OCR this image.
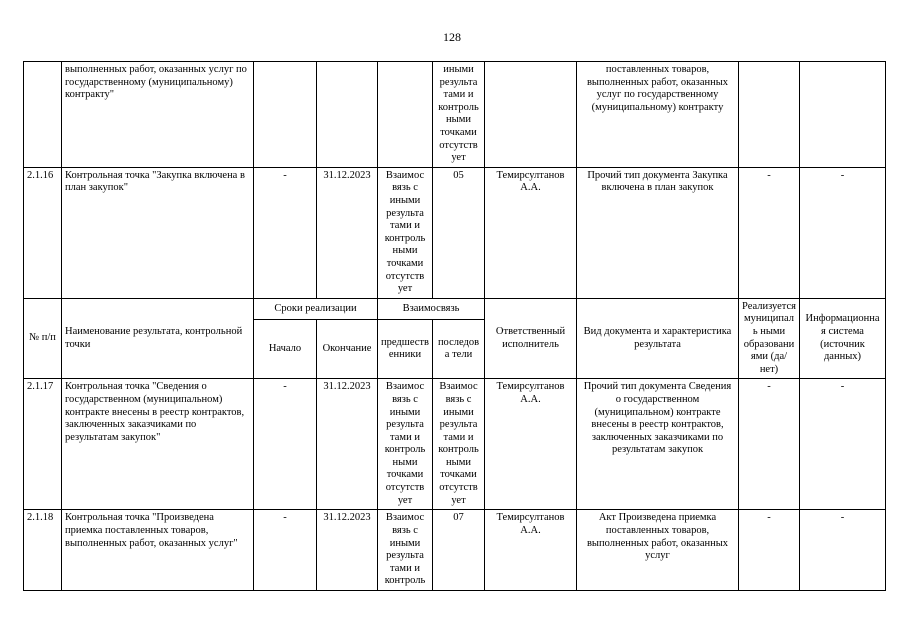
128
	выполненных работ, оказанных услуг по государственному (муниципальному) контракту"				иными результа тами и контроль ными точками отсутств ует		поставленных товаров, выполненных работ, оказанных услуг по государственному (муниципальному) контракту		
2.1.16	Контрольная точка "Закупка включена в план закупок"	-	31.12.2023	Взаимос вязь с иными результа тами и контроль ными точками отсутств ует	05	Темирсултанов А.А.	Прочий тип документа Закупка включена в план закупок	-	-
№ п/п	Наименование результата, контрольной точки	Сроки реализации		Взаимосвязь		Ответственный исполнитель	Вид документа и характеристика результата	Реализуется муниципаль ными образовани ями (да/нет)	Информационна я система (источник данных)
		Начало	Окончание	предшеств енники	последова тели				
2.1.17	Контрольная точка "Сведения о государственном (муниципальном) контракте внесены в реестр контрактов, заключенных заказчиками по результатам закупок"	-	31.12.2023	Взаимос вязь с иными результа тами и контроль ными точками отсутств ует	Взаимос вязь с иными результа тами и контроль ными точками отсутств ует	Темирсултанов А.А.	Прочий тип документа Сведения о государственном (муниципальном) контракте внесены в реестр контрактов, заключенных заказчиками по результатам закупок	-	-
2.1.18	Контрольная точка "Произведена приемка поставленных товаров, выполненных работ, оказанных услуг"	-	31.12.2023	Взаимос вязь с иными результа тами и контроль	07	Темирсултанов А.А.	Акт Произведена приемка поставленных товаров, выполненных работ, оказанных услуг	-	-
